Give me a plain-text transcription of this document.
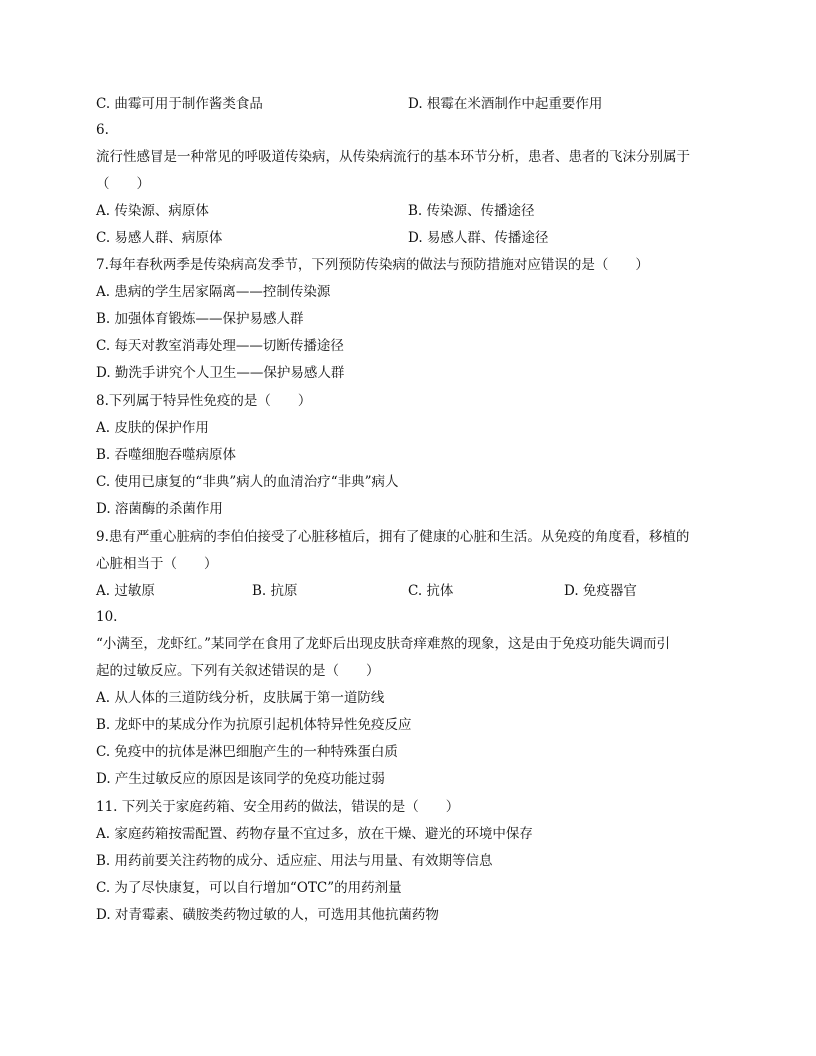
C. 曲霉可用于制作酱类食品	D. 根霉在米酒制作中起重要作用
6.
流行性感冒是一种常见的呼吸道传染病，从传染病流行的基本环节分析，患者、患者的飞沫分别属于
（　　）
A. 传染源、病原体	B. 传染源、传播途径
C. 易感人群、病原体	D. 易感人群、传播途径
7.每年春秋两季是传染病高发季节，下列预防传染病的做法与预防措施对应错误的是（　　）
A. 患病的学生居家隔离——控制传染源
B. 加强体育锻炼——保护易感人群
C. 每天对教室消毒处理——切断传播途径
D. 勤洗手讲究个人卫生——保护易感人群
8.下列属于特异性免疫的是（　　）
A. 皮肤的保护作用
B. 吞噬细胞吞噬病原体
C. 使用已康复的“非典”病人的血清治疗“非典”病人
D. 溶菌酶的杀菌作用
9.患有严重心脏病的李伯伯接受了心脏移植后，拥有了健康的心脏和生活。从免疫的角度看，移植的
心脏相当于（　　）
A. 过敏原	B. 抗原	C. 抗体	D. 免疫器官
10.
“小满至，龙虾红。”某同学在食用了龙虾后出现皮肤奇痒难熬的现象，这是由于免疫功能失调而引
起的过敏反应。下列有关叙述错误的是（　　）
A. 从人体的三道防线分析，皮肤属于第一道防线
B. 龙虾中的某成分作为抗原引起机体特异性免疫反应
C. 免疫中的抗体是淋巴细胞产生的一种特殊蛋白质
D. 产生过敏反应的原因是该同学的免疫功能过弱
11. 下列关于家庭药箱、安全用药的做法，错误的是（　　）
A. 家庭药箱按需配置、药物存量不宜过多，放在干燥、避光的环境中保存
B. 用药前要关注药物的成分、适应症、用法与用量、有效期等信息
C. 为了尽快康复，可以自行增加“OTC”的用药剂量
D. 对青霉素、磺胺类药物过敏的人，可选用其他抗菌药物
